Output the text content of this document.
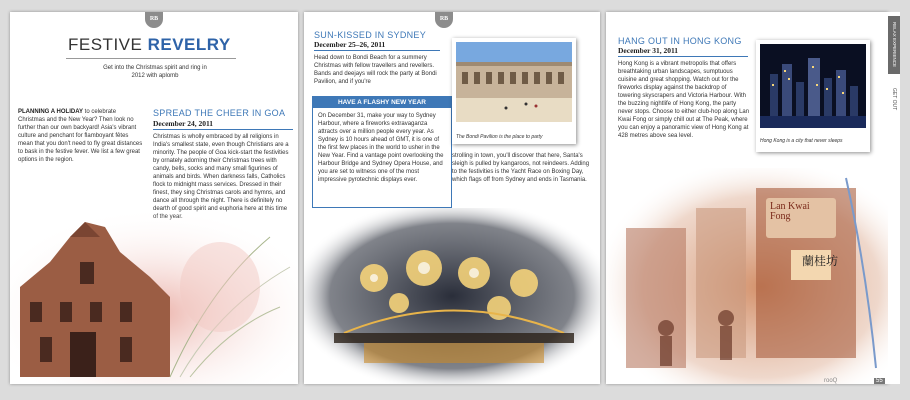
RB
FESTIVE REVELRY
Get into the Christmas spirit and ring in
2012 with aplomb
PLANNING A HOLIDAY to celebrate Christmas and the New Year? Then look no further than our own backyard! Asia's vibrant culture and penchant for flamboyant fêtes mean that you don't need to fly great distances to bask in the festive fever. We list a few great options in the region.
SPREAD THE CHEER IN GOA
December 24, 2011
Christmas is wholly embraced by all religions in India's smallest state, even though Christians are a minority. The people of Goa kick-start the festivities by ornately adorning their Christmas trees with candy, bells, socks and many small figurines of animals and birds. When darkness falls, Catholics flock to midnight mass services. Dressed in their finest, they sing Christmas carols and hymns, and dance all through the night. There is definitely no
RB
SUN-KISSED IN SYDNEY
December 25–26, 2011
Head down to Bondi Beach for a summery Christmas with fellow travellers and revellers. Bands and deejays will rock the party at Bondi Pavilion, and if you're
HAVE A FLASHY NEW YEAR
On December 31, make your way to Sydney Harbour, where a fireworks extravaganza attracts over a million people every year. As Sydney is 10 hours ahead of GMT, it is one of the first few places in the world to usher in the New Year. Find a vantage point overlooking the Harbour Bridge and Sydney Opera House, and you are set to witness one of the most impressive pyrotechnic displays ever.
The Bondi Pavilion is the place to party
strolling in town, you'll discover that here, Santa's sleigh is pulled by kangaroos, not reindeers. Adding to the festivities is the Yacht Race on Boxing Day, which flags off from Sydney and ends in Tasmania.
HANG OUT IN HONG KONG
December 31, 2011
Hong Kong is a vibrant metropolis that offers breathtaking urban landscapes, sumptuous cuisine and great shopping. Watch out for the fireworks display against the backdrop of towering skyscrapers and Victoria Harbour. With the buzzing nightlife of Hong Kong, the party never stops. Choose to either club-hop along Lan Kwai Fong or simply chill out at The Peak, where you can enjoy a panoramic view of Hong Kong at 428 metres above sea level.
Hong Kong is a city that never sleeps
Lan Kwai
Fong
蘭桂坊
rooQ	55
RELAX EXPERIENCE
GET OUT
